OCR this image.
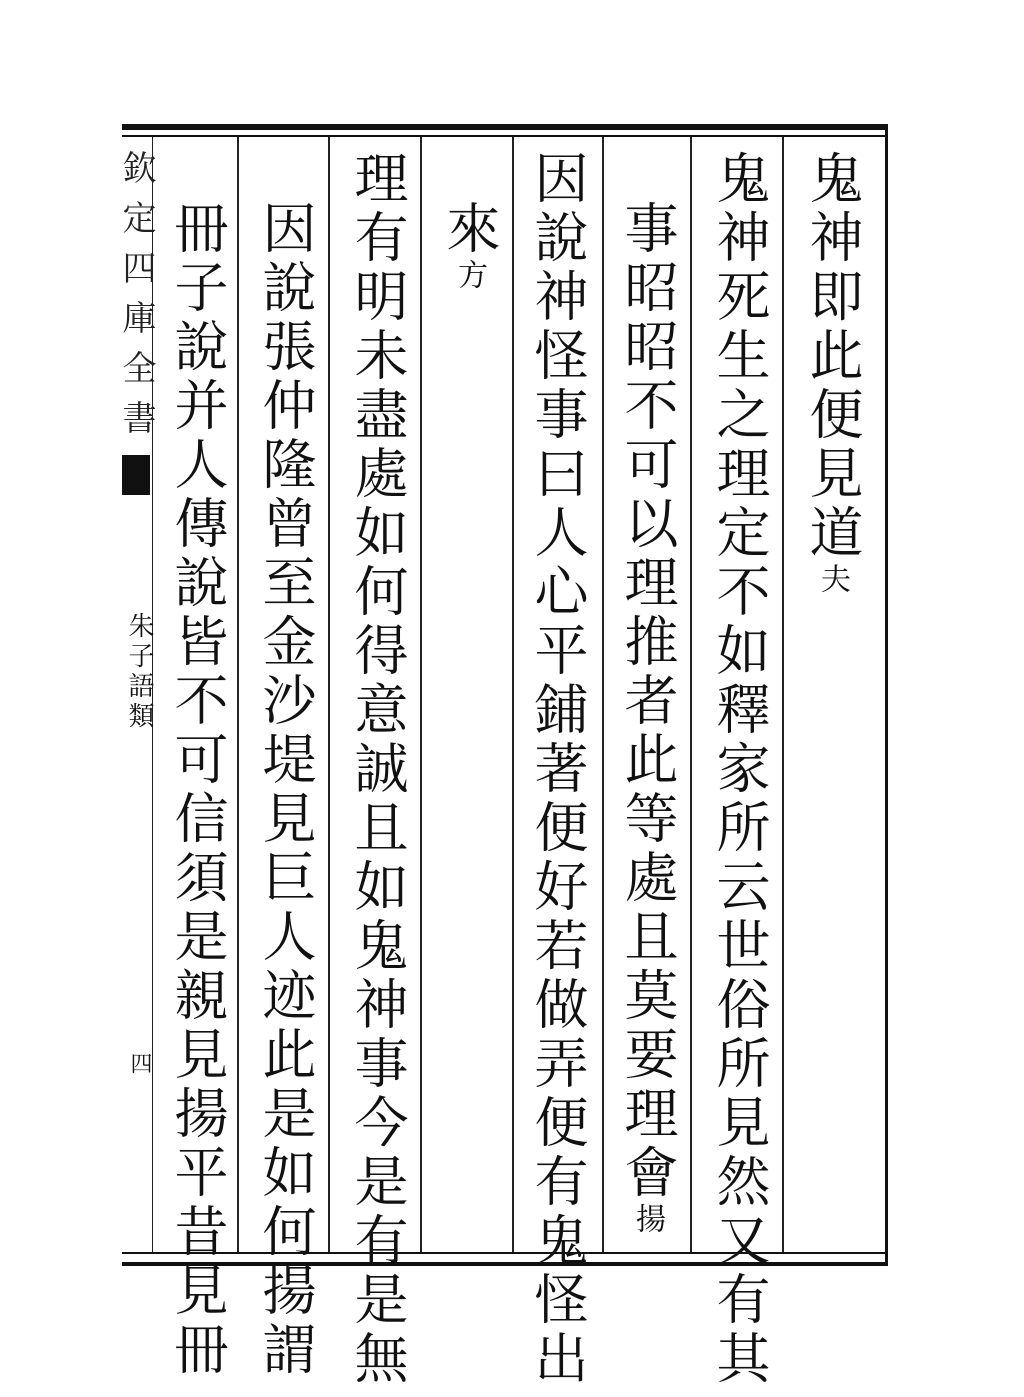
欽定四庫全書
朱子語類
四
鬼神即此便見道夫
鬼神死生之理定不如釋家所云世俗所見然又有其
事昭昭不可以理推者此等處且莫要理會揚
因說神怪事曰人心平鋪著便好若做弄便有鬼怪出
來方
理有明未盡處如何得意誠且如鬼神事今是有是無
因說張仲隆曾至金沙堤見巨人迹此是如何揚謂
冊子說并人傳說皆不可信須是親見揚平昔見冊
